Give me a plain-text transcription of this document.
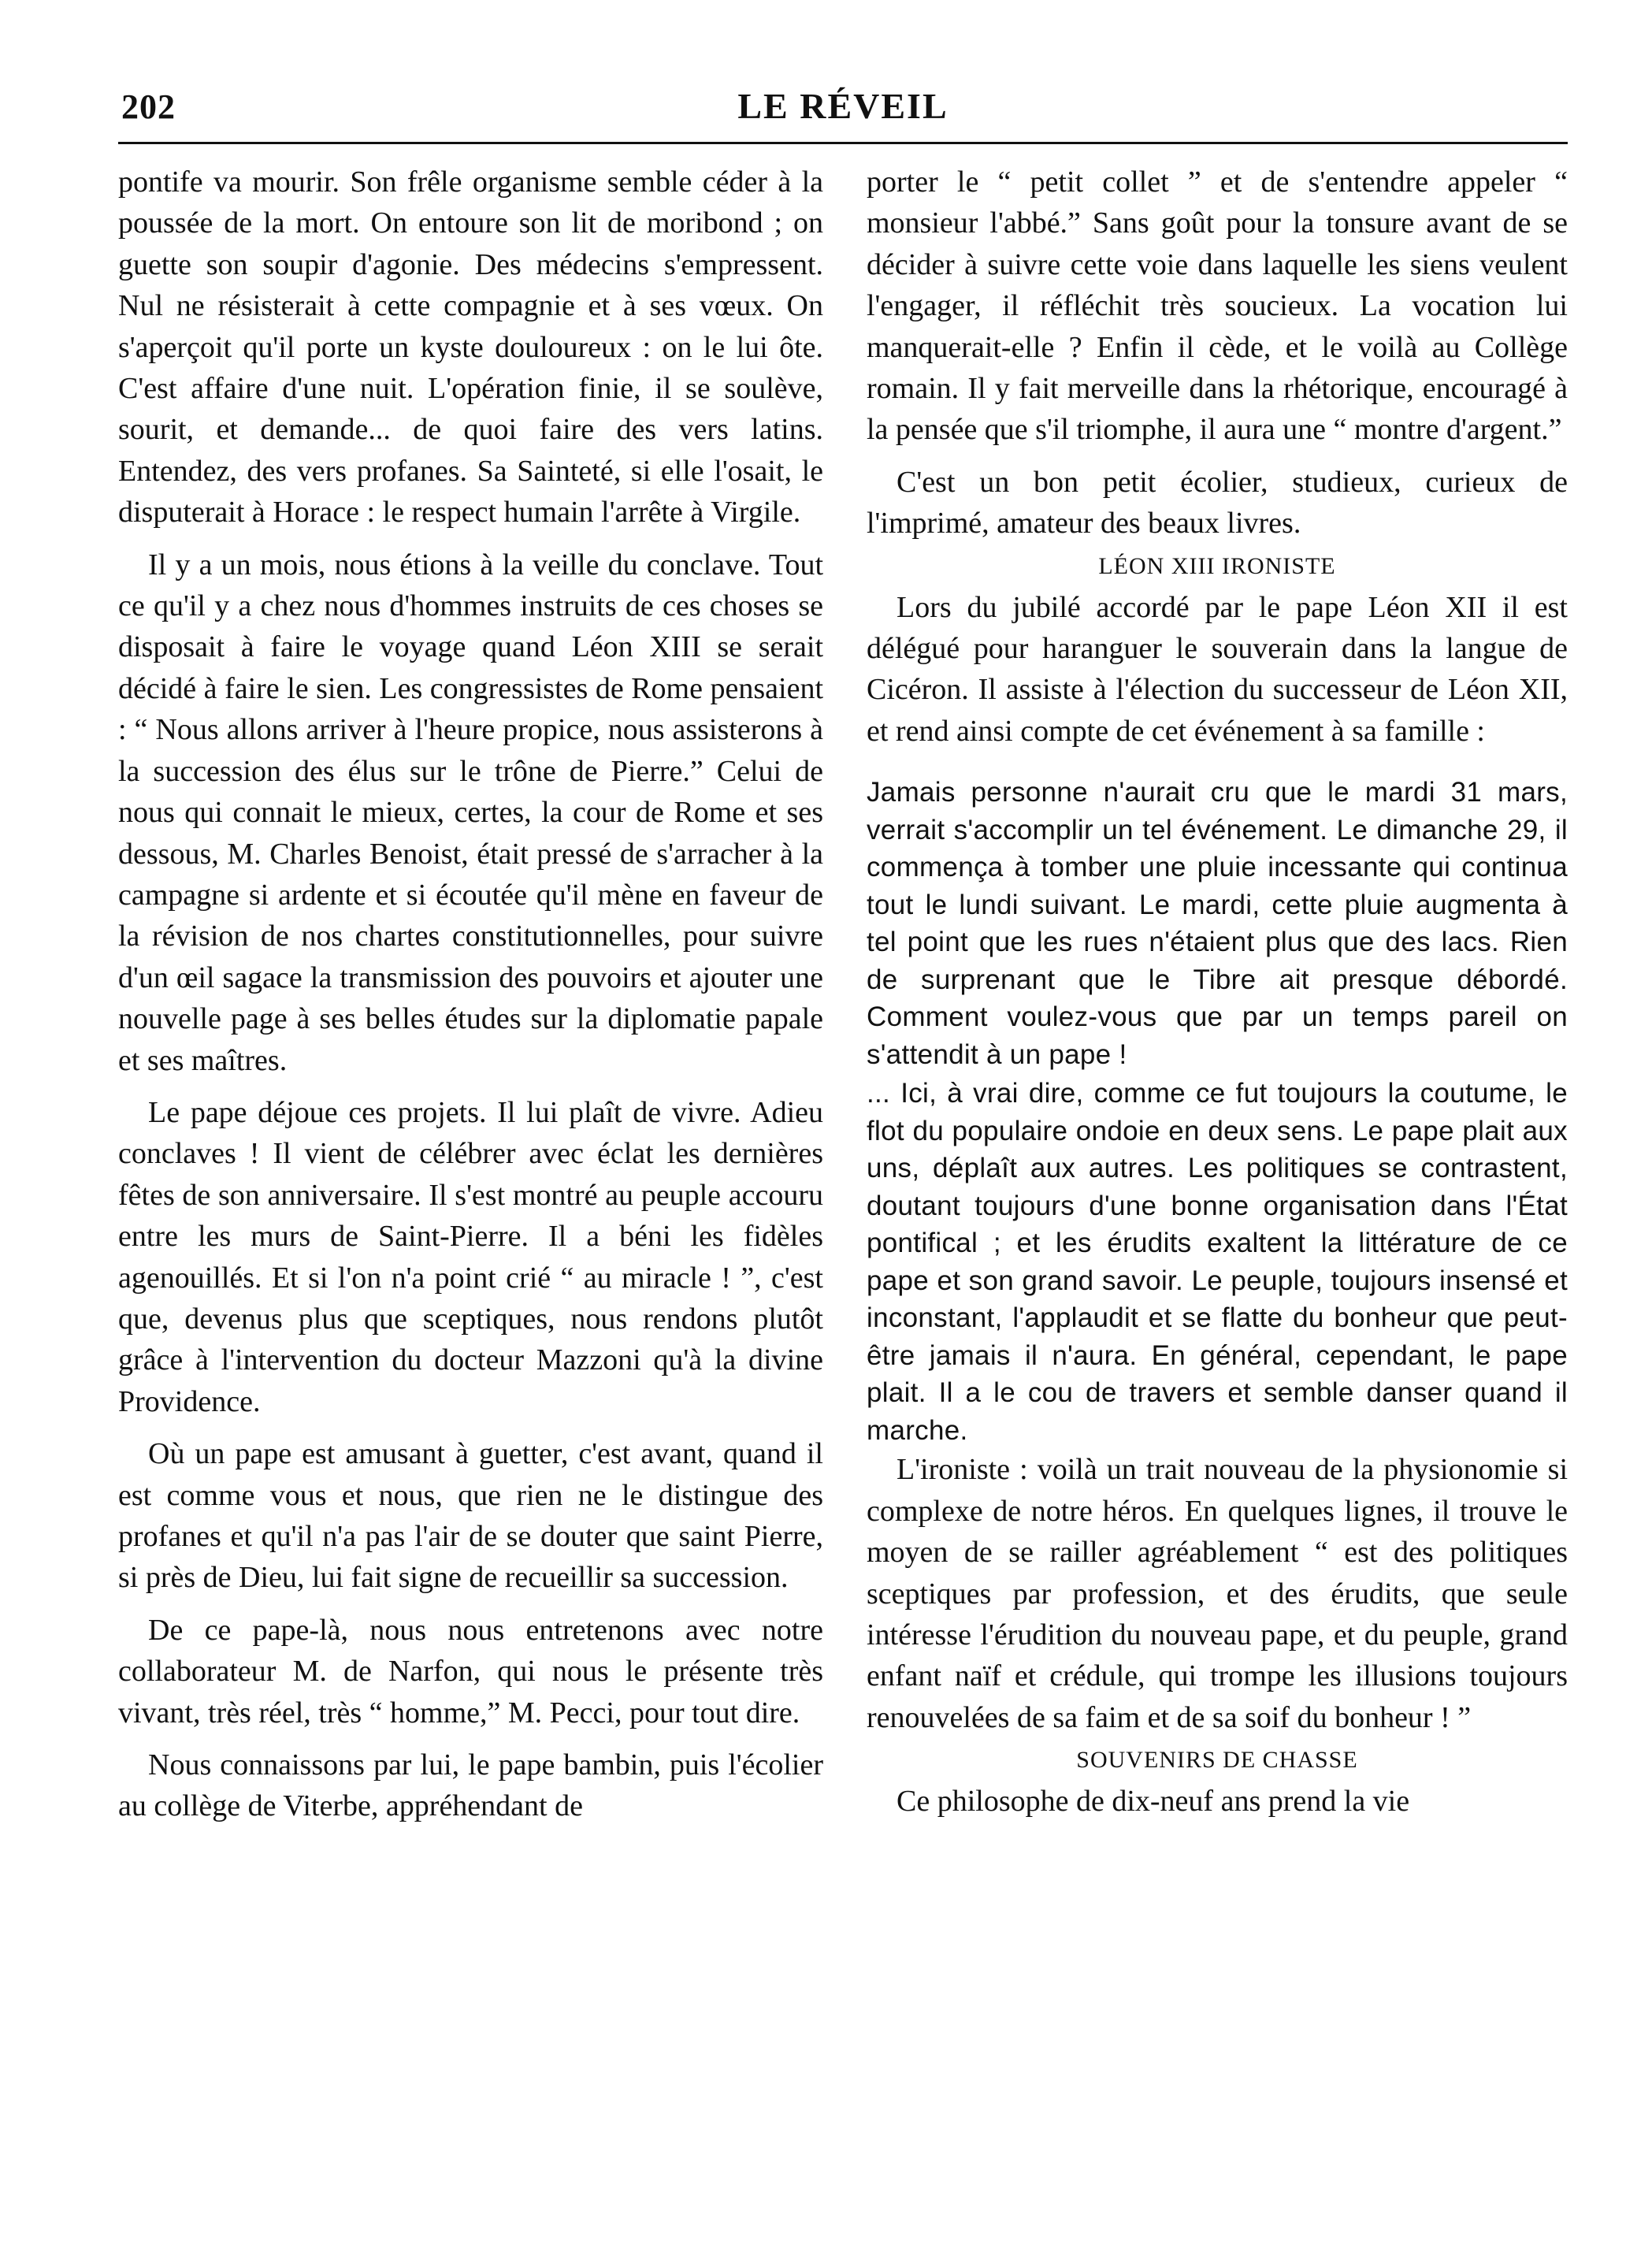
202	LE RÉVEIL

pontife va mourir. Son frêle organisme semble céder à la poussée de la mort. On entoure son lit de moribond ; on guette son soupir d'agonie. Des médecins s'empressent. Nul ne résisterait à cette compagnie et à ses vœux. On s'aperçoit qu'il porte un kyste douloureux : on le lui ôte. C'est affaire d'une nuit. L'opération finie, il se soulève, sourit, et demande... de quoi faire des vers latins. Entendez, des vers profanes. Sa Sainteté, si elle l'osait, le disputerait à Horace : le respect humain l'arrête à Virgile.

Il y a un mois, nous étions à la veille du conclave. Tout ce qu'il y a chez nous d'hommes instruits de ces choses se disposait à faire le voyage quand Léon XIII se serait décidé à faire le sien. Les congressistes de Rome pensaient : “ Nous allons arriver à l'heure propice, nous assisterons à la succession des élus sur le trône de Pierre.” Celui de nous qui connait le mieux, certes, la cour de Rome et ses dessous, M. Charles Benoist, était pressé de s'arracher à la campagne si ardente et si écoutée qu'il mène en faveur de la révision de nos chartes constitutionnelles, pour suivre d'un œil sagace la transmission des pouvoirs et ajouter une nouvelle page à ses belles études sur la diplomatie papale et ses maîtres.

Le pape déjoue ces projets. Il lui plaît de vivre. Adieu conclaves ! Il vient de célébrer avec éclat les dernières fêtes de son anniversaire. Il s'est montré au peuple accouru entre les murs de Saint-Pierre. Il a béni les fidèles agenouillés. Et si l'on n'a point crié “ au miracle ! ”, c'est que, devenus plus que sceptiques, nous rendons plutôt grâce à l'intervention du docteur Mazzoni qu'à la divine Providence.

Où un pape est amusant à guetter, c'est avant, quand il est comme vous et nous, que rien ne le distingue des profanes et qu'il n'a pas l'air de se douter que saint Pierre, si près de Dieu, lui fait signe de recueillir sa succession.

De ce pape-là, nous nous entretenons avec notre collaborateur M. de Narfon, qui nous le présente très vivant, très réel, très “ homme,” M. Pecci, pour tout dire.

Nous connaissons par lui, le pape bambin, puis l'écolier au collège de Viterbe, appréhendant de

porter le “ petit collet ” et de s'entendre appeler “ monsieur l'abbé.” Sans goût pour la tonsure avant de se décider à suivre cette voie dans laquelle les siens veulent l'engager, il réfléchit très soucieux. La vocation lui manquerait-elle ? Enfin il cède, et le voilà au Collège romain. Il y fait merveille dans la rhétorique, encouragé à la pensée que s'il triomphe, il aura une “ montre d'argent.”

C'est un bon petit écolier, studieux, curieux de l'imprimé, amateur des beaux livres.

LÉON XIII IRONISTE

Lors du jubilé accordé par le pape Léon XII il est délégué pour haranguer le souverain dans la langue de Cicéron. Il assiste à l'élection du successeur de Léon XII, et rend ainsi compte de cet événement à sa famille :

Jamais personne n'aurait cru que le mardi 31 mars, verrait s'accomplir un tel événement. Le dimanche 29, il commença à tomber une pluie incessante qui continua tout le lundi suivant. Le mardi, cette pluie augmenta à tel point que les rues n'étaient plus que des lacs. Rien de surprenant que le Tibre ait presque débordé. Comment voulez-vous que par un temps pareil on s'attendit à un pape !

... Ici, à vrai dire, comme ce fut toujours la coutume, le flot du populaire ondoie en deux sens. Le pape plait aux uns, déplaît aux autres. Les politiques se contrastent, doutant toujours d'une bonne organisation dans l'État pontifical ; et les érudits exaltent la littérature de ce pape et son grand savoir. Le peuple, toujours insensé et inconstant, l'applaudit et se flatte du bonheur que peut-être jamais il n'aura. En général, cependant, le pape plait. Il a le cou de travers et semble danser quand il marche.

L'ironiste : voilà un trait nouveau de la physionomie si complexe de notre héros. En quelques lignes, il trouve le moyen de se railler agréablement “ est des politiques sceptiques par profession, et des érudits, que seule intéresse l'érudition du nouveau pape, et du peuple, grand enfant naïf et crédule, qui trompe les illusions toujours renouvelées de sa faim et de sa soif du bonheur ! ”

SOUVENIRS DE CHASSE

Ce philosophe de dix-neuf ans prend la vie
